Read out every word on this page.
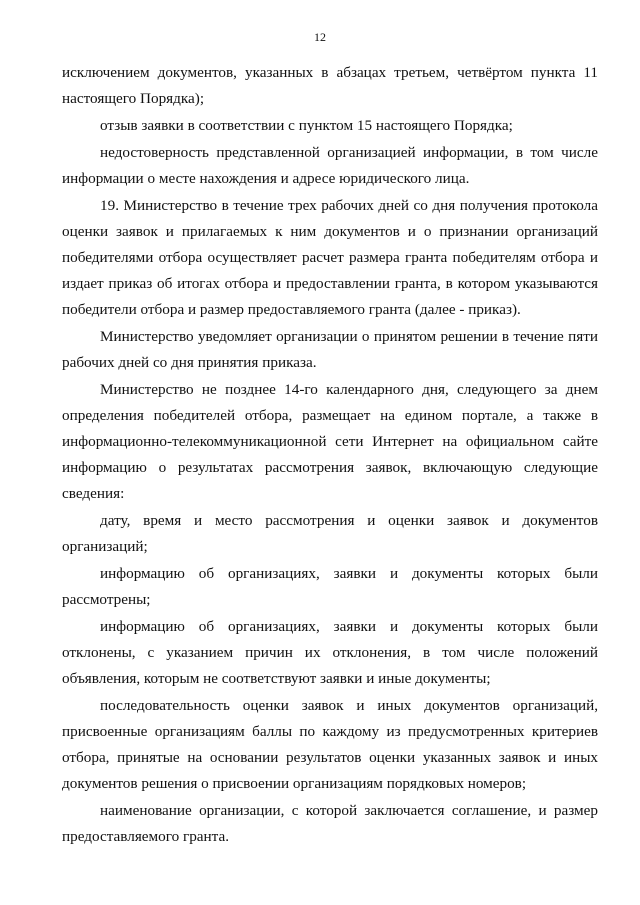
12

исключением документов, указанных в абзацах третьем, четвёртом пункта 11 настоящего Порядка);

отзыв заявки в соответствии с пунктом 15 настоящего Порядка;

недостоверность представленной организацией информации, в том числе информации о месте нахождения и адресе юридического лица.

19. Министерство в течение трех рабочих дней со дня получения протокола оценки заявок и прилагаемых к ним документов и о признании организаций победителями отбора осуществляет расчет размера гранта победителям отбора и издает приказ об итогах отбора и предоставлении гранта, в котором указываются победители отбора и размер предоставляемого гранта (далее - приказ).

Министерство уведомляет организации о принятом решении в течение пяти рабочих дней со дня принятия приказа.

Министерство не позднее 14-го календарного дня, следующего за днем определения победителей отбора, размещает на едином портале, а также в информационно-телекоммуникационной сети Интернет на официальном сайте информацию о результатах рассмотрения заявок, включающую следующие сведения:

дату, время и место рассмотрения и оценки заявок и документов организаций;

информацию об организациях, заявки и документы которых были рассмотрены;

информацию об организациях, заявки и документы которых были отклонены, с указанием причин их отклонения, в том числе положений объявления, которым не соответствуют заявки и иные документы;

последовательность оценки заявок и иных документов организаций, присвоенные организациям баллы по каждому из предусмотренных критериев отбора, принятые на основании результатов оценки указанных заявок и иных документов решения о присвоении организациям порядковых номеров;

наименование организации, с которой заключается соглашение, и размер предоставляемого гранта.
